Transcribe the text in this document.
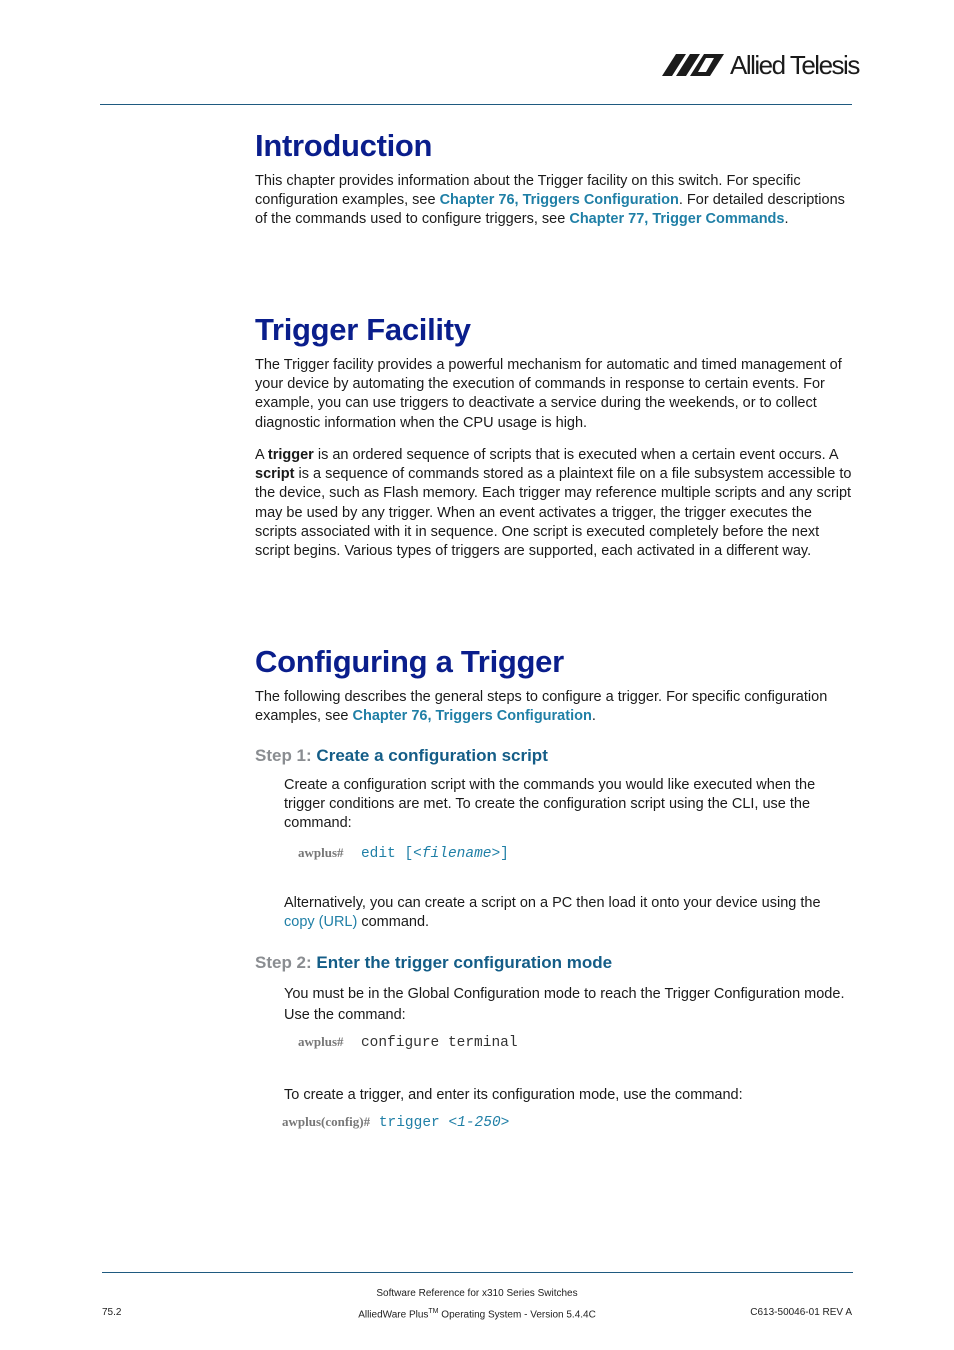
Allied Telesis
Introduction

This chapter provides information about the Trigger facility on this switch. For specific configuration examples, see Chapter 76, Triggers Configuration. For detailed descriptions of the commands used to configure triggers, see Chapter 77, Trigger Commands.

Trigger Facility

The Trigger facility provides a powerful mechanism for automatic and timed management of your device by automating the execution of commands in response to certain events. For example, you can use triggers to deactivate a service during the weekends, or to collect diagnostic information when the CPU usage is high.

A trigger is an ordered sequence of scripts that is executed when a certain event occurs. A script is a sequence of commands stored as a plaintext file on a file subsystem accessible to the device, such as Flash memory. Each trigger may reference multiple scripts and any script may be used by any trigger. When an event activates a trigger, the trigger executes the scripts associated with it in sequence. One script is executed completely before the next script begins. Various types of triggers are supported, each activated in a different way.

Configuring a Trigger

The following describes the general steps to configure a trigger. For specific configuration examples, see Chapter 76, Triggers Configuration.

Step 1: Create a configuration script

Create a configuration script with the commands you would like executed when the trigger conditions are met. To create the configuration script using the CLI, use the command:

awplus# edit [<filename>]

Alternatively, you can create a script on a PC then load it onto your device using the copy (URL) command.

Step 2: Enter the trigger configuration mode

You must be in the Global Configuration mode to reach the Trigger Configuration mode. Use the command:

awplus# configure terminal

To create a trigger, and enter its configuration mode, use the command:

awplus(config)# trigger <1-250>
Software Reference for x310 Series Switches
AlliedWare Plus™ Operating System - Version 5.4.4C
75.2	C613-50046-01 REV A
